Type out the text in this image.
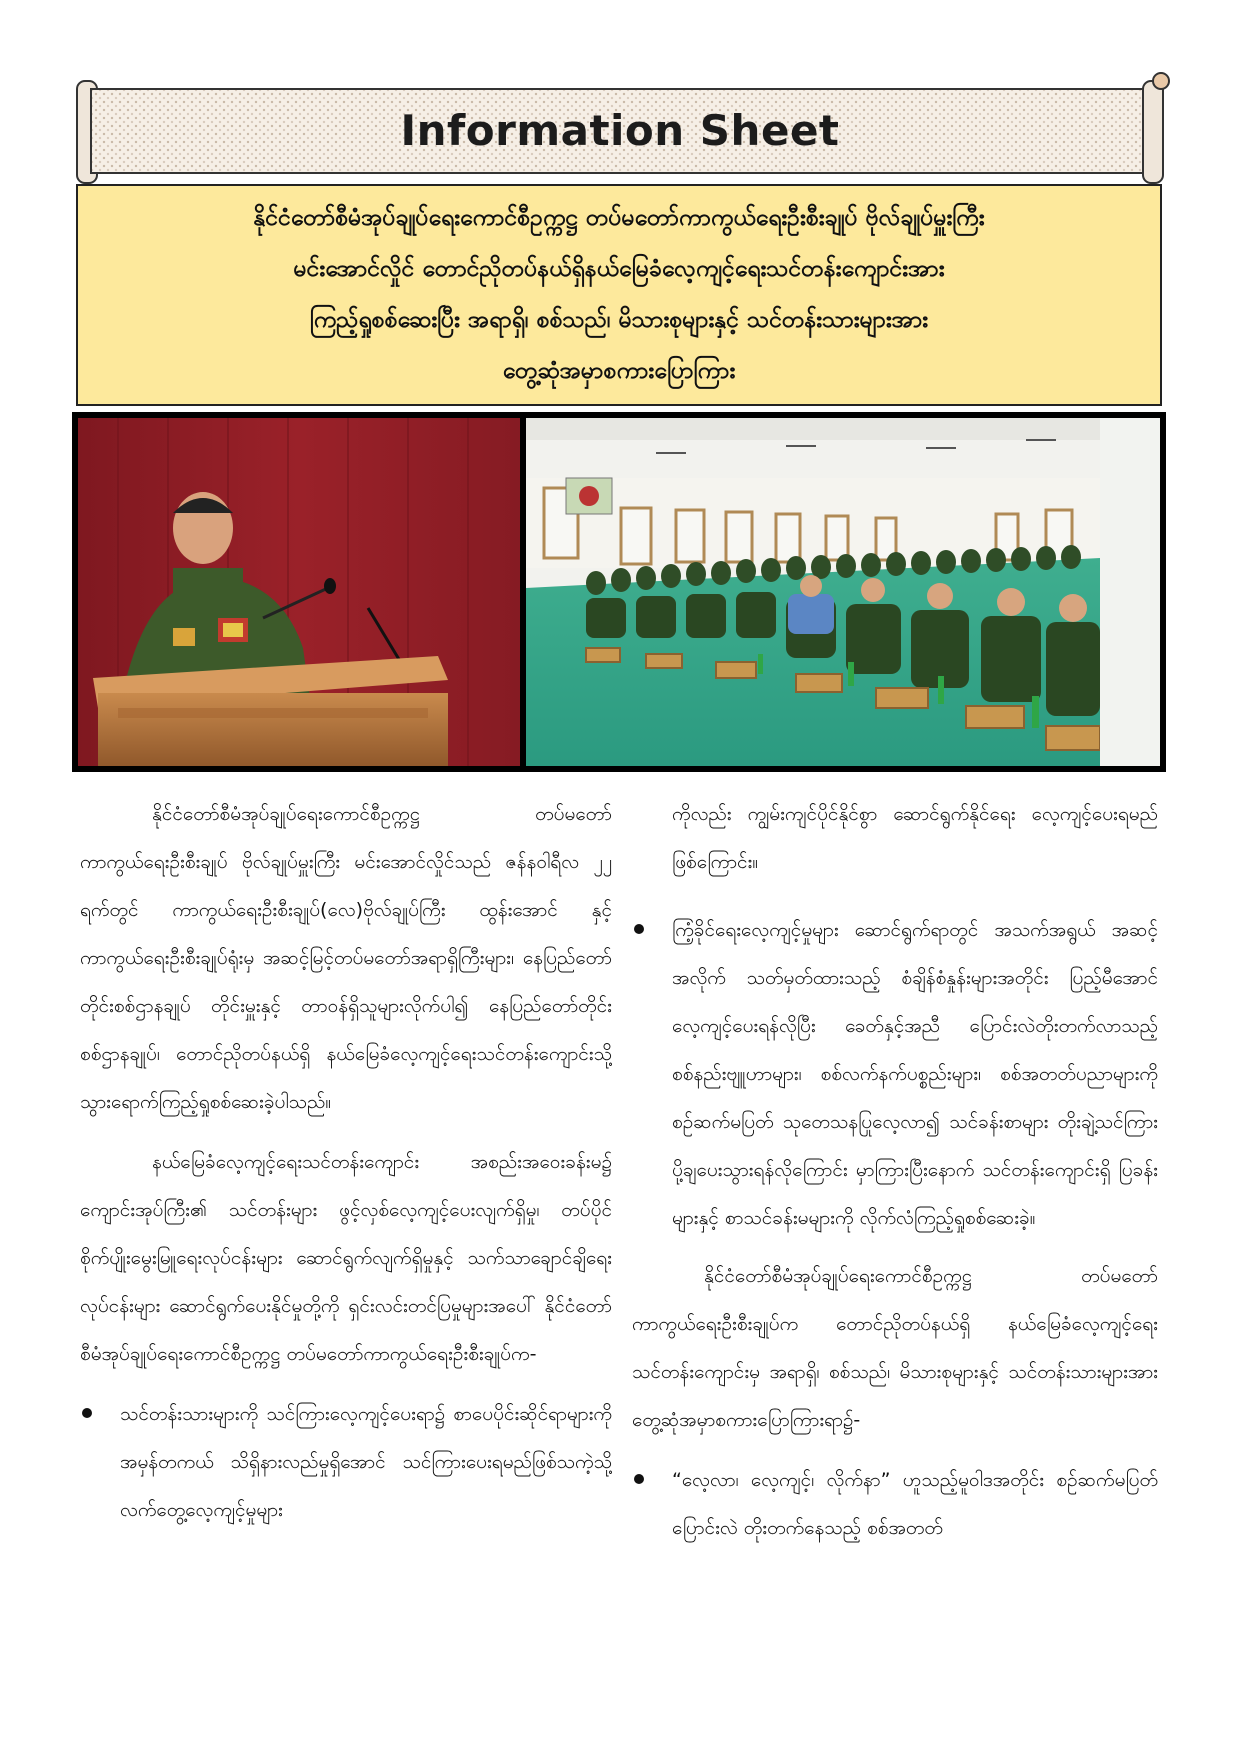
Information Sheet
နိုင်ငံတော်စီမံအုပ်ချုပ်ရေးကောင်စီဥက္ကဋ္ဌ တပ်မတော်ကာကွယ်ရေးဦးစီးချုပ် ဗိုလ်ချုပ်မှူးကြီး
မင်းအောင်လှိုင် တောင်ညိုတပ်နယ်ရှိနယ်မြေခံလေ့ကျင့်ရေးသင်တန်းကျောင်းအား
ကြည့်ရှုစစ်ဆေးပြီး အရာရှိ၊ စစ်သည်၊ မိသားစုများနှင့် သင်တန်းသားများအား
တွေ့ဆုံအမှာစကားပြောကြား

နိုင်ငံတော်စီမံအုပ်ချုပ်ရေးကောင်စီဥက္ကဋ္ဌ တပ်မတော်ကာကွယ်ရေးဦးစီးချုပ် ဗိုလ်ချုပ်မှူးကြီး မင်းအောင်လှိုင်သည် ဇန်နဝါရီလ ၂၂ ရက်တွင် ကာကွယ်ရေးဦးစီးချုပ်(လေ)ဗိုလ်ချုပ်ကြီး ထွန်းအောင် နှင့် ကာကွယ်ရေးဦးစီးချုပ်ရုံးမှ အဆင့်မြင့်တပ်မတော်အရာရှိကြီးများ၊ နေပြည်တော်တိုင်းစစ်ဌာနချုပ် တိုင်းမှူးနှင့် တာဝန်ရှိသူများလိုက်ပါ၍ နေပြည်တော်တိုင်းစစ်ဌာနချုပ်၊ တောင်ညိုတပ်နယ်ရှိ နယ်မြေခံလေ့ကျင့်ရေးသင်တန်းကျောင်းသို့ သွားရောက်ကြည့်ရှုစစ်ဆေးခဲ့ပါသည်။

နယ်မြေခံလေ့ကျင့်ရေးသင်တန်းကျောင်း အစည်းအဝေးခန်းမ၌ ကျောင်းအုပ်ကြီး၏ သင်တန်းများ ဖွင့်လှစ်လေ့ကျင့်ပေးလျက်ရှိမှု၊ တပ်ပိုင် စိုက်ပျိုးမွေးမြူရေးလုပ်ငန်းများ ဆောင်ရွက်လျက်ရှိမှုနှင့် သက်သာချောင်ချိရေးလုပ်ငန်းများ ဆောင်ရွက်ပေးနိုင်မှုတို့ကို ရှင်းလင်းတင်ပြမှုများအပေါ် နိုင်ငံတော် စီမံအုပ်ချုပ်ရေးကောင်စီဥက္ကဋ္ဌ တပ်မတော်ကာကွယ်ရေးဦးစီးချုပ်က-

သင်တန်းသားများကို သင်ကြားလေ့ကျင့်ပေးရာ၌ စာပေပိုင်းဆိုင်ရာများကို အမှန်တကယ် သိရှိနားလည်မှုရှိအောင် သင်ကြားပေးရမည်ဖြစ်သကဲ့သို့ လက်တွေ့လေ့ကျင့်မှုများ

ကိုလည်း ကျွမ်းကျင်ပိုင်နိုင်စွာ ဆောင်ရွက်နိုင်ရေး လေ့ကျင့်ပေးရမည်ဖြစ်ကြောင်း။

ကြံ့ခိုင်ရေးလေ့ကျင့်မှုများ ဆောင်ရွက်ရာတွင် အသက်အရွယ် အဆင့်အလိုက် သတ်မှတ်ထားသည့် စံချိန်စံနှုန်းများအတိုင်း ပြည့်မီအောင်လေ့ကျင့်ပေးရန်လိုပြီး ခေတ်နှင့်အညီ ပြောင်းလဲတိုးတက်လာသည့် စစ်နည်းဗျူဟာများ၊ စစ်လက်နက်ပစ္စည်းများ၊ စစ်အတတ်ပညာများကို စဉ်ဆက်မပြတ် သုတေသနပြုလေ့လာ၍ သင်ခန်းစာများ တိုးချဲ့သင်ကြားပို့ချပေးသွားရန်လိုကြောင်း မှာကြားပြီးနောက် သင်တန်းကျောင်းရှိ ပြခန်းများနှင့် စာသင်ခန်းမများကို လိုက်လံကြည့်ရှုစစ်ဆေးခဲ့။

နိုင်ငံတော်စီမံအုပ်ချုပ်ရေးကောင်စီဥက္ကဋ္ဌ တပ်မတော်ကာကွယ်ရေးဦးစီးချုပ်က တောင်ညိုတပ်နယ်ရှိ နယ်မြေခံလေ့ကျင့်ရေး သင်တန်းကျောင်းမှ အရာရှိ၊ စစ်သည်၊ မိသားစုများနှင့် သင်တန်းသားများအား တွေ့ဆုံအမှာစကားပြောကြားရာ၌-

“လေ့လာ၊ လေ့ကျင့်၊ လိုက်နာ” ဟူသည့်မူဝါဒအတိုင်း စဉ်ဆက်မပြတ်ပြောင်းလဲ တိုးတက်နေသည့် စစ်အတတ်
